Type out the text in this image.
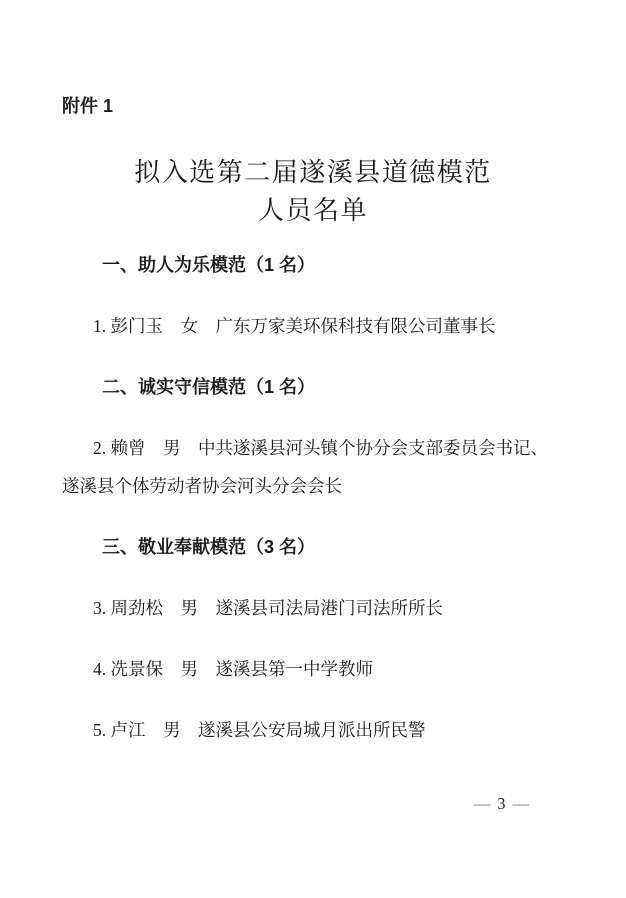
附件 1
拟入选第二届遂溪县道德模范
人员名单

一、助人为乐模范（1 名）

1. 彭门玉　女　广东万家美环保科技有限公司董事长

二、诚实守信模范（1 名）

2. 赖曾　男　中共遂溪县河头镇个协分会支部委员会书记、遂溪县个体劳动者协会河头分会会长

三、敬业奉献模范（3 名）

3. 周劲松　男　遂溪县司法局港门司法所所长

4. 冼景保　男　遂溪县第一中学教师

5. 卢江　男　遂溪县公安局城月派出所民警

— 3 —
